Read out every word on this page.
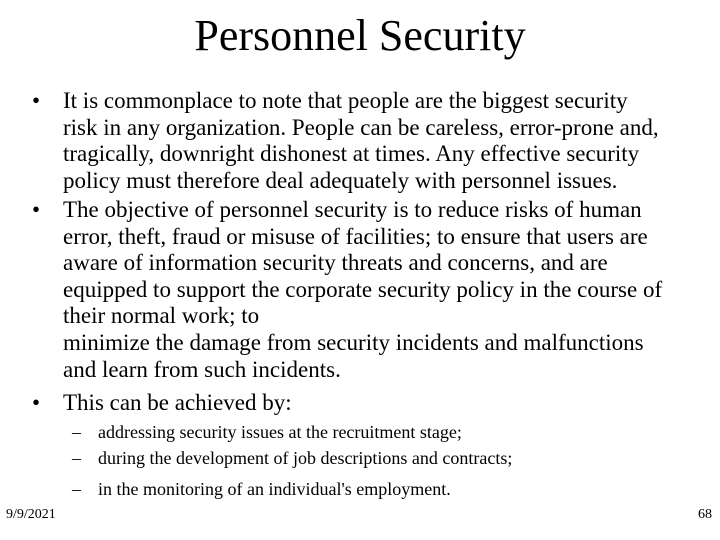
Personnel Security
• It is commonplace to note that people are the biggest security
risk in any organization. People can be careless, error-prone and,
tragically, downright dishonest at times. Any effective security
policy must therefore deal adequately with personnel issues.
• The objective of personnel security is to reduce risks of human
error, theft, fraud or misuse of facilities; to ensure that users are
aware of information security threats and concerns, and are
equipped to support the corporate security policy in the course of
their normal work; to
minimize the damage from security incidents and malfunctions
and learn from such incidents.
• This can be achieved by:
– addressing security issues at the recruitment stage;
– during the development of job descriptions and contracts;
– in the monitoring of an individual's employment.
9/9/2021	68
